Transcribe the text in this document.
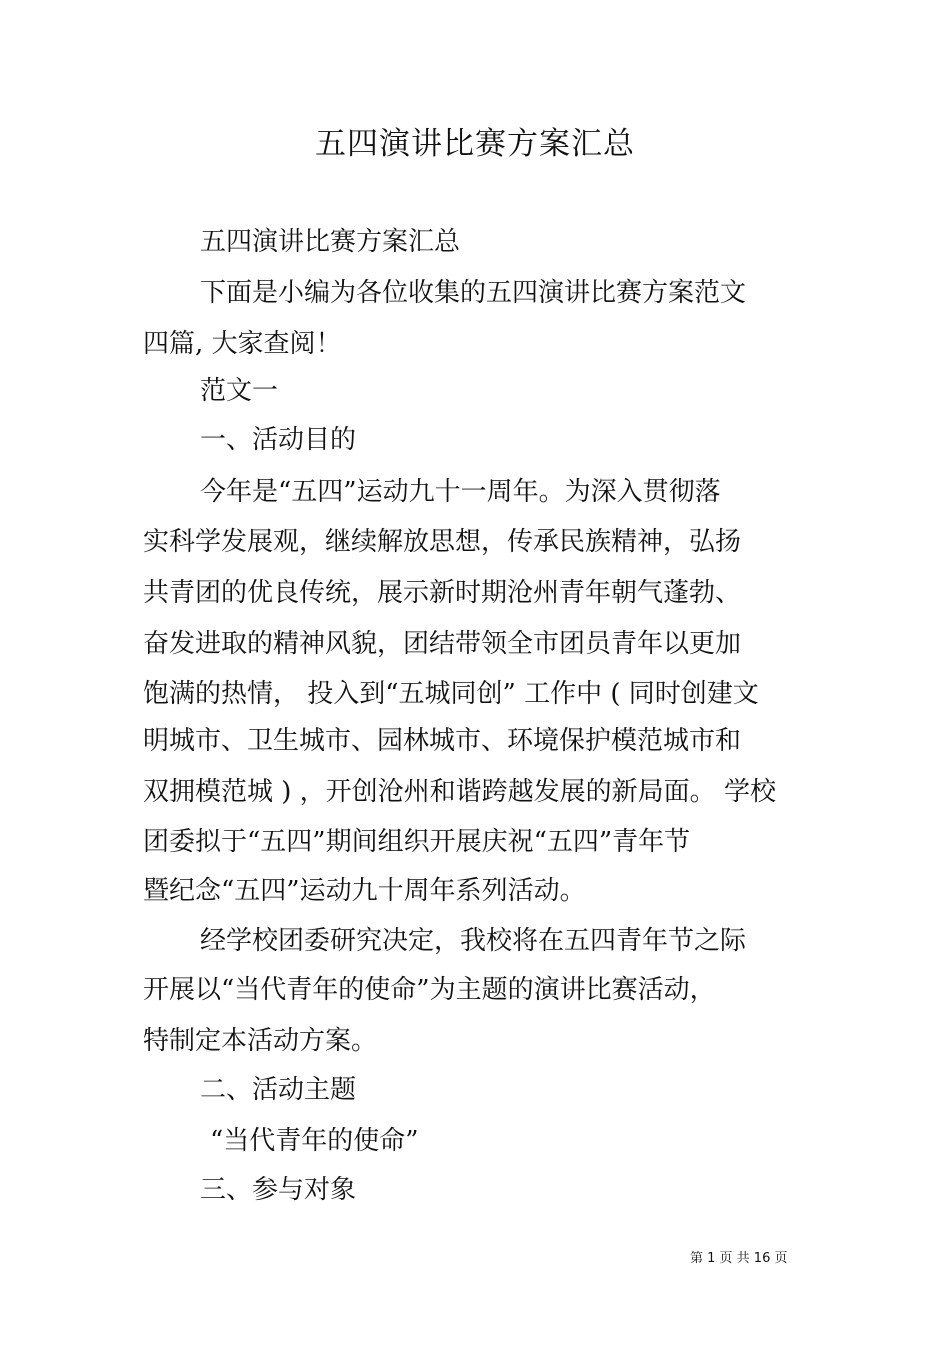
五四演讲比赛方案汇总

五四演讲比赛方案汇总

下面是小编为各位收集的五四演讲比赛方案范文

四篇, 大家查阅！

范文一

一、活动目的

今年是“五四”运动九十一周年。为深入贯彻落

实科学发展观，继续解放思想，传承民族精神，弘扬

共青团的优良传统，展示新时期沧州青年朝气蓬勃、

奋发进取的精神风貌，团结带领全市团员青年以更加

饱满的热情， 投入到“五城同创” 工作中 ( 同时创建文

明城市、卫生城市、园林城市、环境保护模范城市和

双拥模范城 ) ，开创沧州和谐跨越发展的新局面。 学校

团委拟于“五四”期间组织开展庆祝“五四”青年节

暨纪念“五四”运动九十周年系列活动。

经学校团委研究决定，我校将在五四青年节之际

开展以“当代青年的使命”为主题的演讲比赛活动，

特制定本活动方案。

二、活动主题

“当代青年的使命”

三、参与对象

第 1 页 共 16 页
